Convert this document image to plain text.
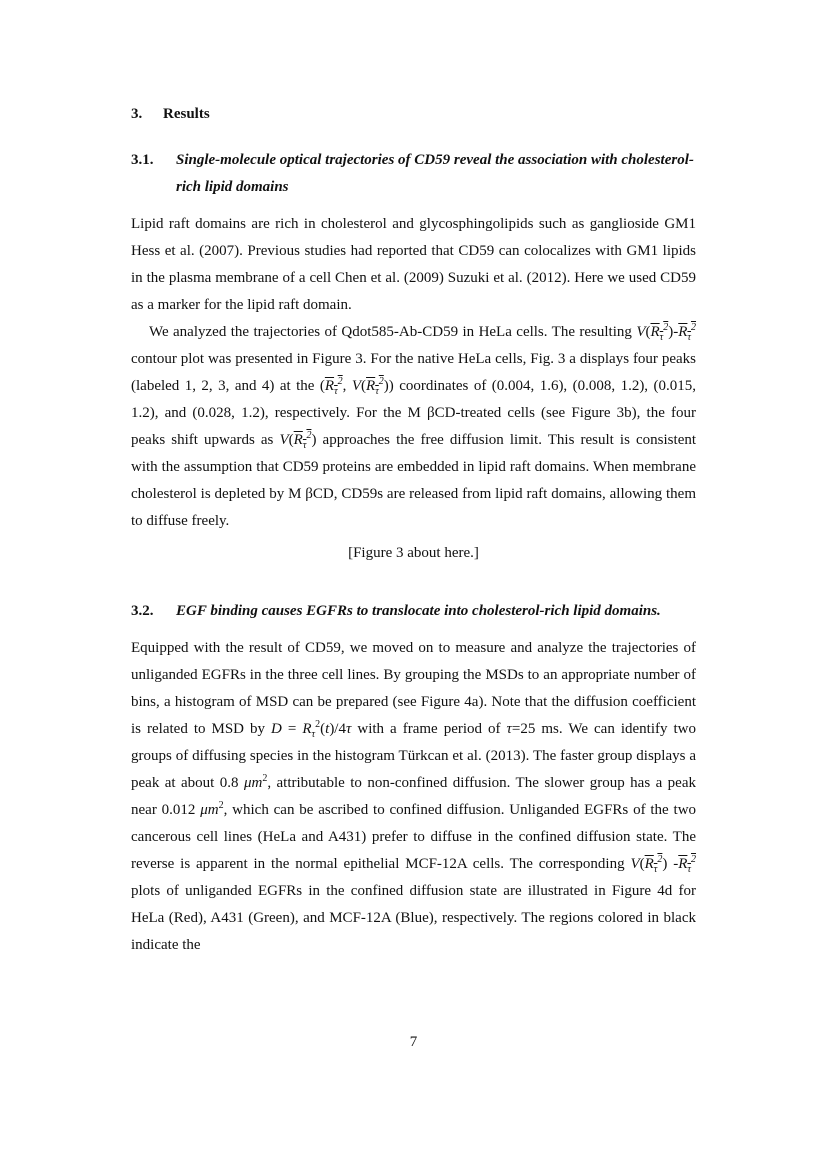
3. Results
3.1. Single-molecule optical trajectories of CD59 reveal the association with cholesterol-rich lipid domains

Lipid raft domains are rich in cholesterol and glycosphingolipids such as ganglioside GM1 Hess et al. (2007). Previous studies had reported that CD59 can colocalizes with GM1 lipids in the plasma membrane of a cell Chen et al. (2009) Suzuki et al. (2012). Here we used CD59 as a marker for the lipid raft domain.

We analyzed the trajectories of Qdot585-Ab-CD59 in HeLa cells. The resulting $V(R_\tau^2)-R_\tau^2$ contour plot was presented in Figure 3. For the native HeLa cells, Fig. 3 a displays four peaks (labeled 1, 2, 3, and 4) at the ($R_\tau^2$, $V(R_\tau^2)$) coordinates of (0.004, 1.6), (0.008, 1.2), (0.015, 1.2), and (0.028, 1.2), respectively. For the M βCD-treated cells (see Figure 3b), the four peaks shift upwards as $V(R_\tau^2)$ approaches the free diffusion limit. This result is consistent with the assumption that CD59 proteins are embedded in lipid raft domains. When membrane cholesterol is depleted by M βCD, CD59s are released from lipid raft domains, allowing them to diffuse freely.

[Figure 3 about here.]

3.2. EGF binding causes EGFRs to translocate into cholesterol-rich lipid domains.

Equipped with the result of CD59, we moved on to measure and analyze the trajectories of unliganded EGFRs in the three cell lines. By grouping the MSDs to an appropriate number of bins, a histogram of MSD can be prepared (see Figure 4a). Note that the diffusion coefficient is related to MSD by $D = R_\tau^2(t)/4\tau$ with a frame period of τ=25 ms. We can identify two groups of diffusing species in the histogram Türkcan et al. (2013). The faster group displays a peak at about 0.8 $\mu m^2$, attributable to non-confined diffusion. The slower group has a peak near 0.012 $\mu m^2$, which can be ascribed to confined diffusion. Unliganded EGFRs of the two cancerous cell lines (HeLa and A431) prefer to diffuse in the confined diffusion state. The reverse is apparent in the normal epithelial MCF-12A cells. The corresponding $V(R_\tau^2)$ $-R_\tau^2$ plots of unliganded EGFRs in the confined diffusion state are illustrated in Figure 4d for HeLa (Red), A431 (Green), and MCF-12A (Blue), respectively. The regions colored in black indicate the

7
